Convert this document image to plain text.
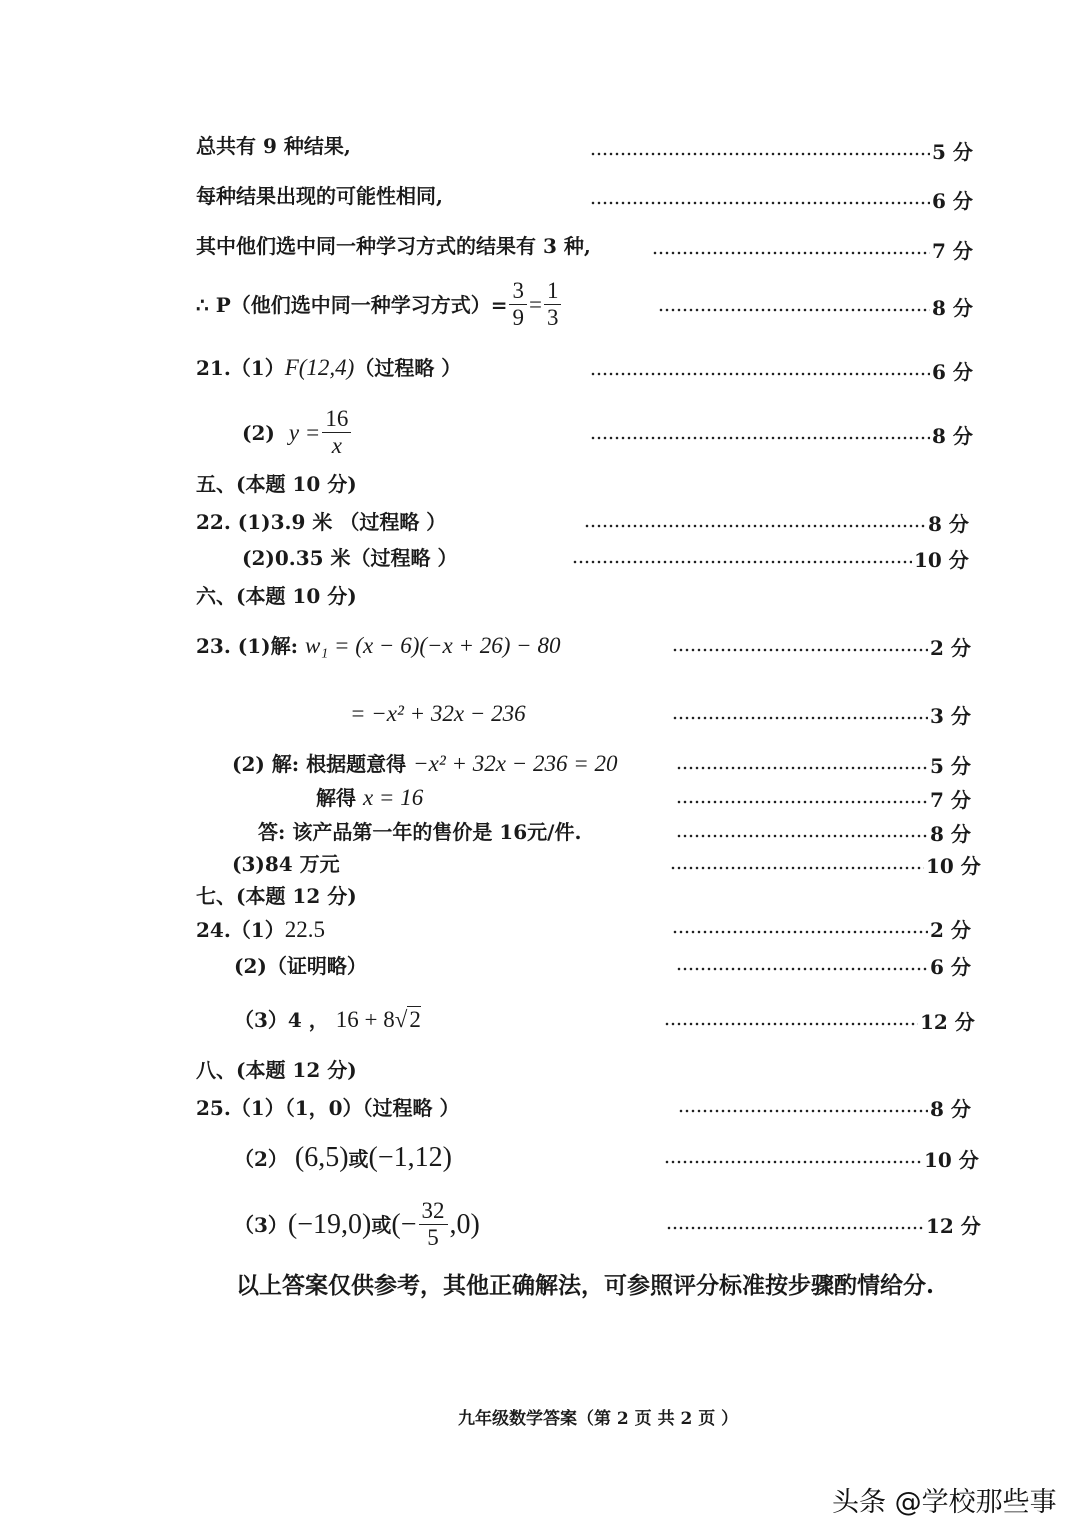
总共有 9 种结果,	5 分
每种结果出现的可能性相同,	6 分
其中他们选中同一种学习方式的结果有 3 种,	7 分
∴ P（他们选中同一种学习方式）= $\frac{3}{9} = \frac{1}{3}$	8 分
21.（1）F(12,4)（过程略 ）	6 分
(2) $y = \frac{16}{x}$	8 分
五、(本题 10 分)
22. (1)3.9 米 （过程略 ）	8 分
(2)0.35 米（过程略 ）	10 分
六、(本题 10 分)
23. (1)解: w₁ = (x − 6)(−x + 26) − 80	2 分
= −x² + 32x − 236	3 分
(2) 解: 根据题意得 −x² + 32x − 236 = 20	5 分
解得 x = 16	7 分
答: 该产品第一年的售价是 16元/件.	8 分
(3)84 万元	10 分
七、(本题 12 分)
24.（1）22.5	2 分
(2)（证明略）	6 分
（3）4 ， 16 + 8√2	12 分
八、(本题 12 分)
25.（1）（1，0）（过程略 ）	8 分
（2） (6,5)或(−1,12)	10 分
（3） (−19,0) 或 (− $\frac{32}{5} ,0$)	12 分
以上答案仅供参考，其他正确解法，可参照评分标准按步骤酌情给分.
九年级数学答案（第 2 页 共 2 页 ）
头条 @学校那些事
